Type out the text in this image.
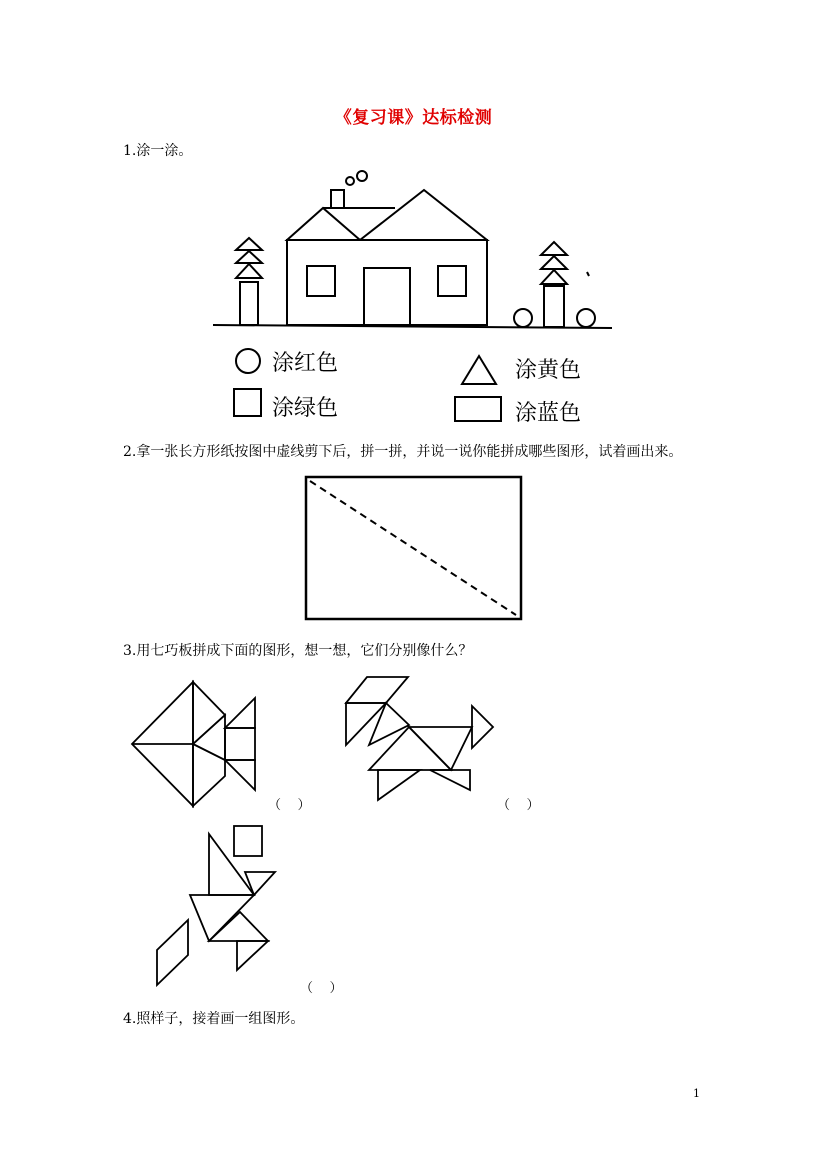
《复习课》达标检测
1.涂一涂。
涂红色	涂黄色
涂绿色	涂蓝色
2.拿一张长方形纸按图中虚线剪下后，拼一拼，并说一说你能拼成哪些图形，试着画出来。
3.用七巧板拼成下面的图形，想一想，它们分别像什么？
（    ）	（    ）
（    ）
4.照样子，接着画一组图形。
1
